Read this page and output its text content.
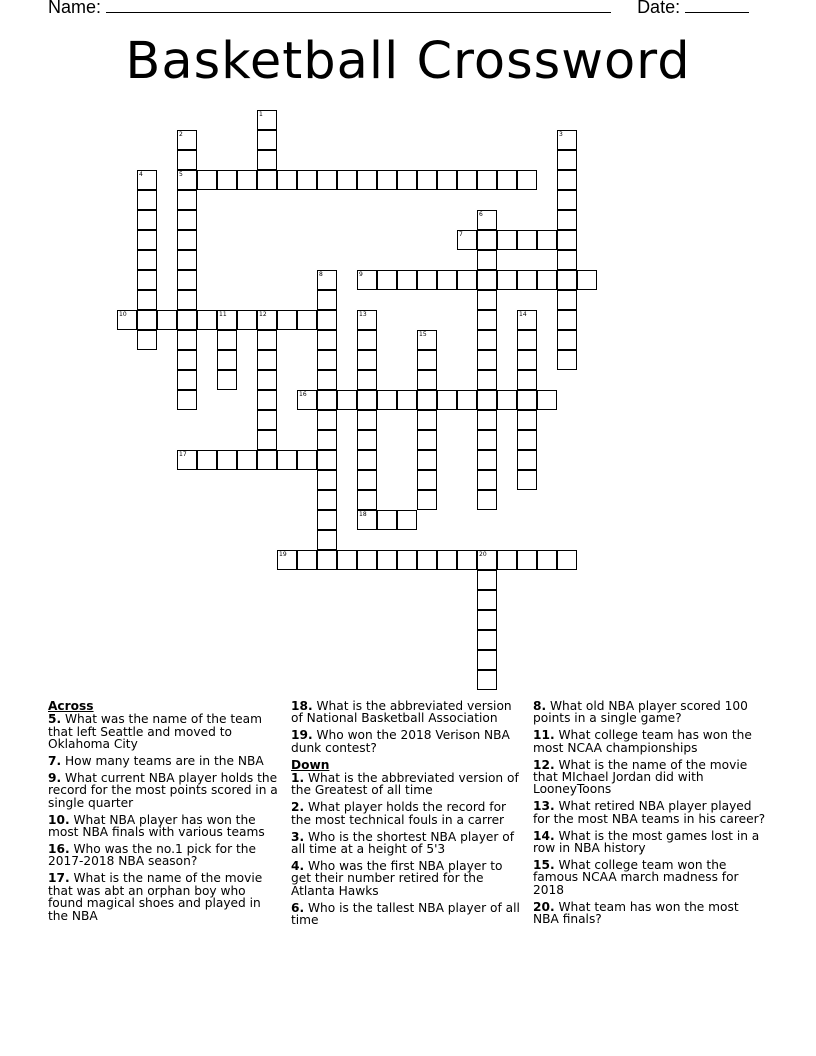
Name:	Date:
Basketball Crossword
1
2
5
3
4
6
7
8	9
10	11	12	13
18
14
15
16
17
19	20
Across
5. What was the name of the team that left Seattle and moved to Oklahoma City
7. How many teams are in the NBA
9. What current NBA player holds the record for the most points scored in a single quarter
10. What NBA player has won the most NBA finals with various teams
16. Who was the no.1 pick for the 2017-2018 NBA season?
17. What is the name of the movie that was abt an orphan boy who found magical shoes and played in the NBA
18. What is the abbreviated version of National Basketball Association
19. Who won the 2018 Verison NBA dunk contest?
Down
1. What is the abbreviated version of the Greatest of all time
2. What player holds the record for the most technical fouls in a carrer
3. Who is the shortest NBA player of all time at a height of 5'3
4. Who was the first NBA player to get their number retired for the Atlanta Hawks
6. Who is the tallest NBA player of all time
8. What old NBA player scored 100 points in a single game?
11. What college team has won the most NCAA championships
12. What is the name of the movie that MIchael Jordan did with LooneyToons
13. What retired NBA player played for the most NBA teams in his career?
14. What is the most games lost in a row in NBA history
15. What college team won the famous NCAA march madness for 2018
20. What team has won the most NBA finals?
